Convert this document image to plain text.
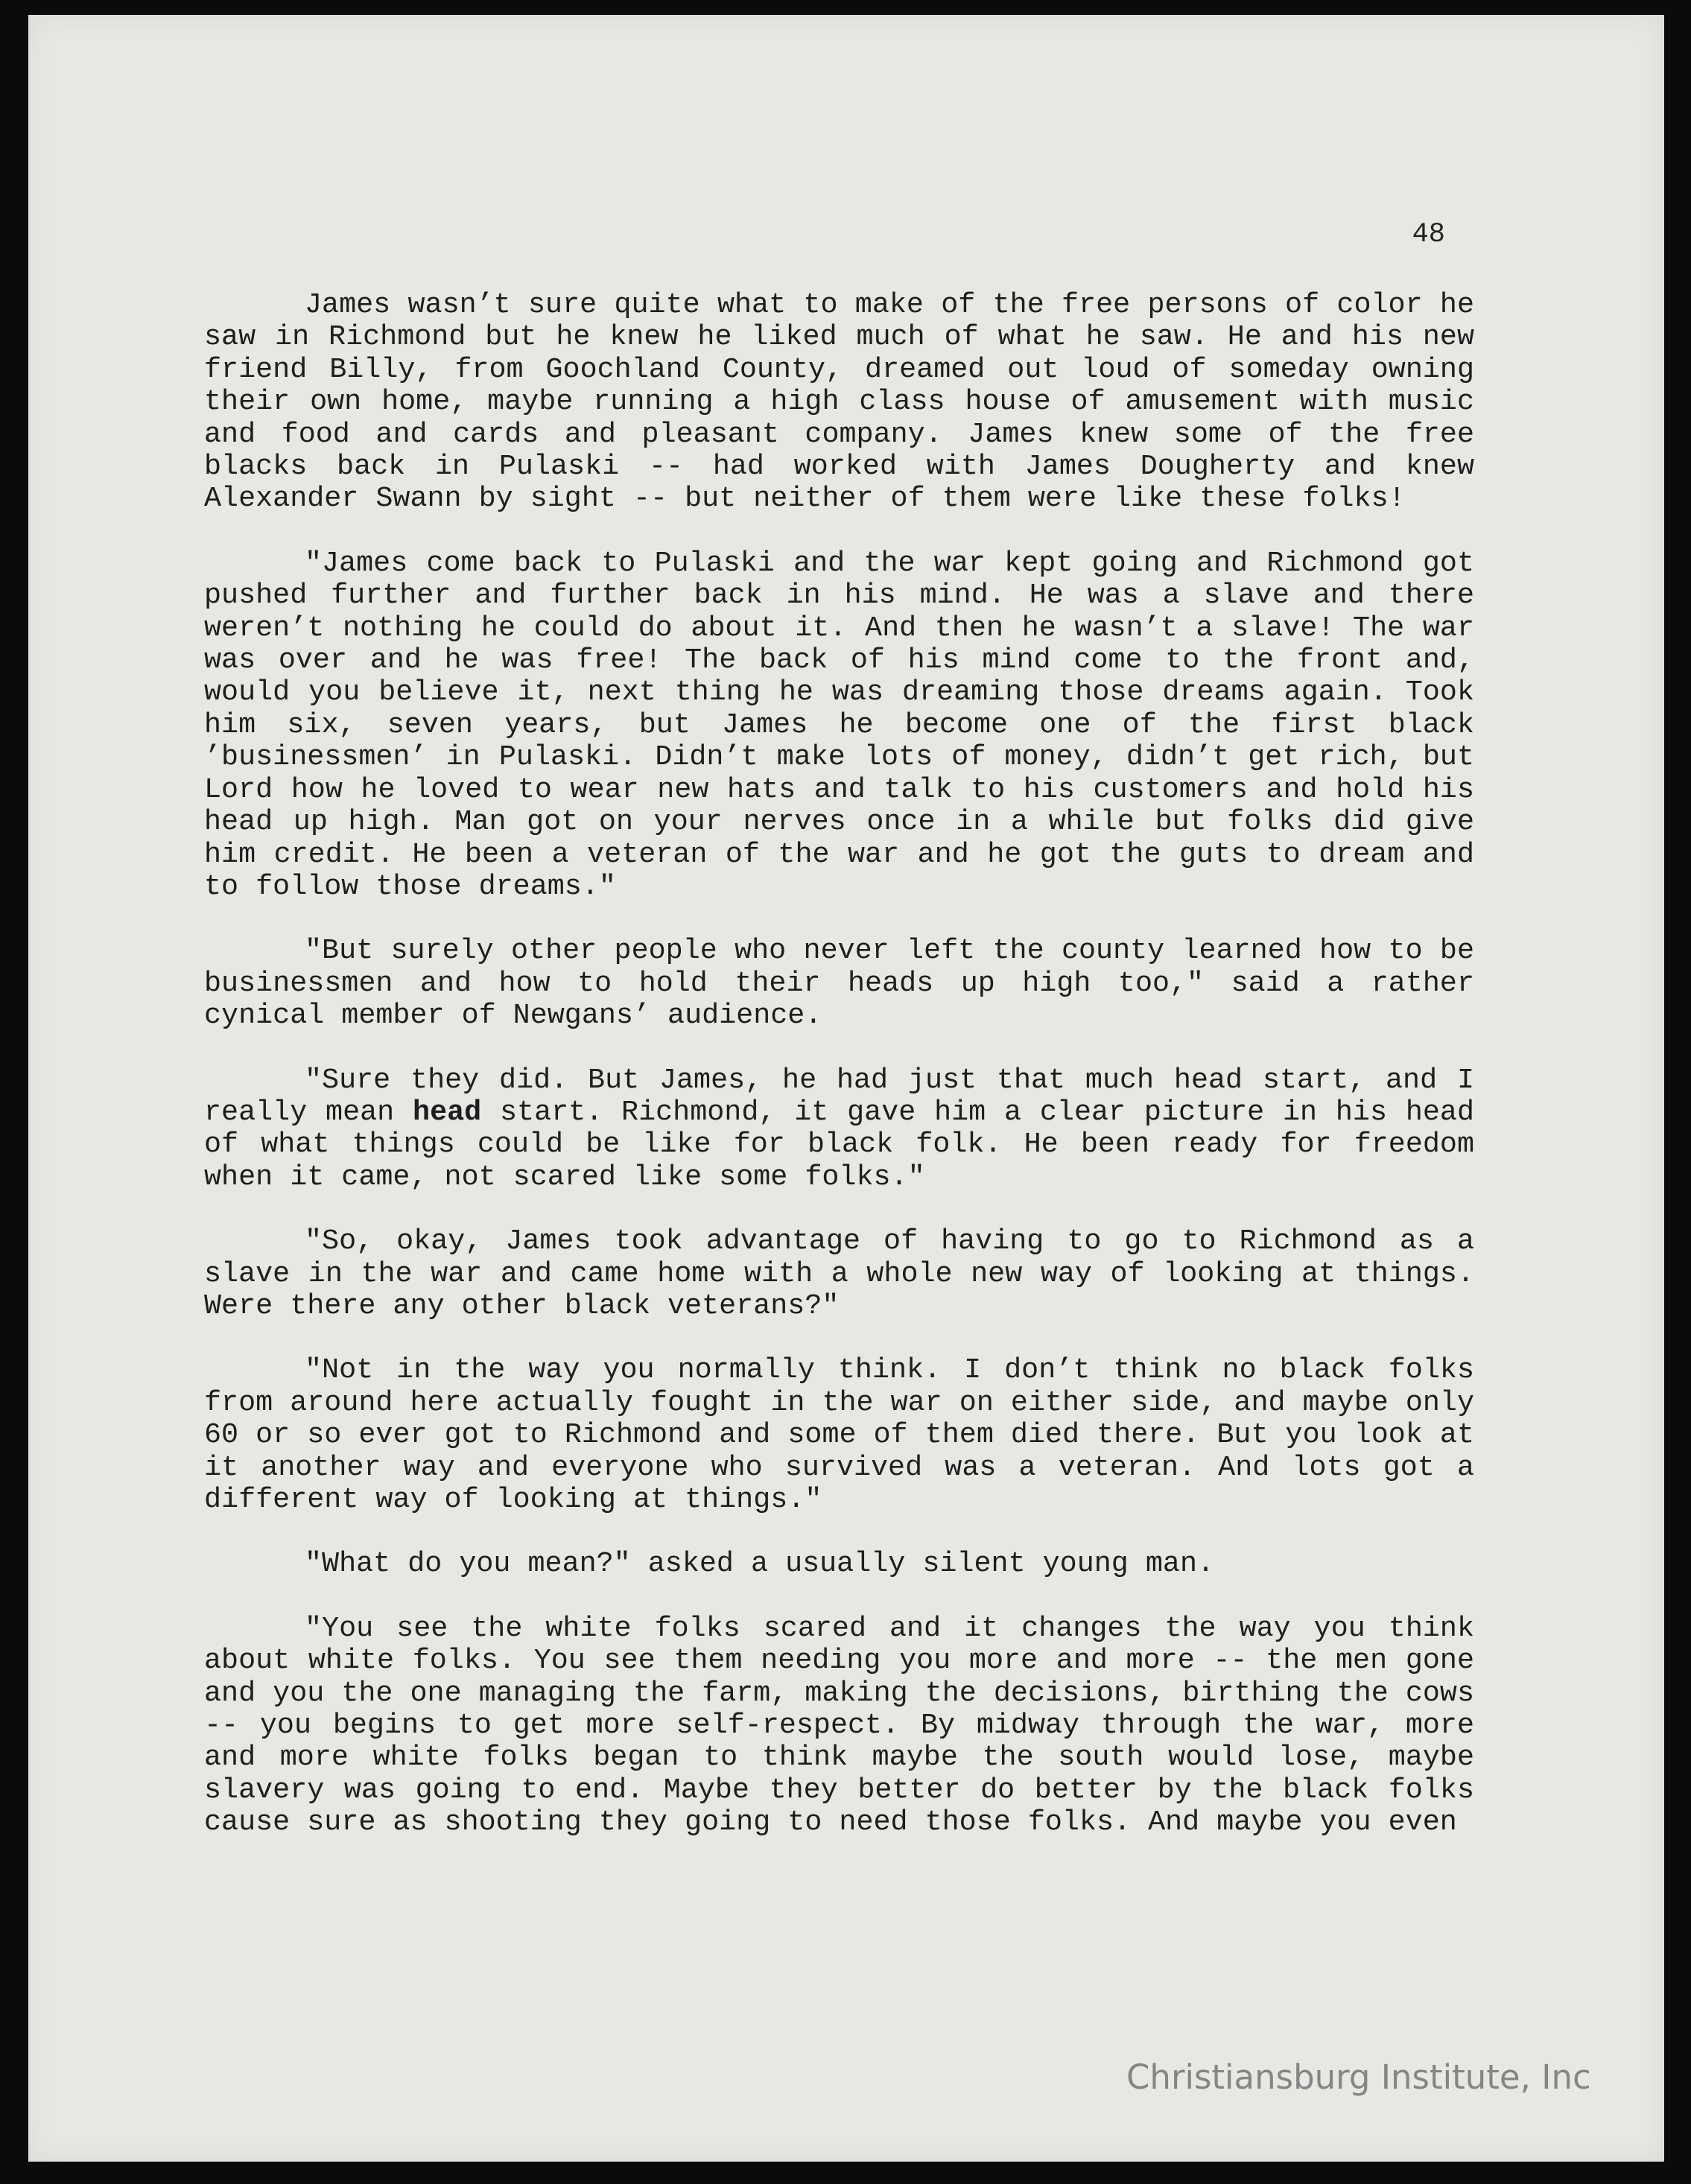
48

James wasn’t sure quite what to make of the free persons of color he saw in Richmond but he knew he liked much of what he saw. He and his new friend Billy, from Goochland County, dreamed out loud of someday owning their own home, maybe running a high class house of amusement with music and food and cards and pleasant company. James knew some of the free blacks back in Pulaski -- had worked with James Dougherty and knew Alexander Swann by sight -- but neither of them were like these folks!

"James come back to Pulaski and the war kept going and Richmond got pushed further and further back in his mind. He was a slave and there weren’t nothing he could do about it. And then he wasn’t a slave! The war was over and he was free! The back of his mind come to the front and, would you believe it, next thing he was dreaming those dreams again. Took him six, seven years, but James he become one of the first black ’businessmen’ in Pulaski. Didn’t make lots of money, didn’t get rich, but Lord how he loved to wear new hats and talk to his customers and hold his head up high. Man got on your nerves once in a while but folks did give him credit. He been a veteran of the war and he got the guts to dream and to follow those dreams."

"But surely other people who never left the county learned how to be businessmen and how to hold their heads up high too," said a rather cynical member of Newgans’ audience.

"Sure they did. But James, he had just that much head start, and I really mean head start. Richmond, it gave him a clear picture in his head of what things could be like for black folk. He been ready for freedom when it came, not scared like some folks."

"So, okay, James took advantage of having to go to Richmond as a slave in the war and came home with a whole new way of looking at things. Were there any other black veterans?"

"Not in the way you normally think. I don’t think no black folks from around here actually fought in the war on either side, and maybe only 60 or so ever got to Richmond and some of them died there. But you look at it another way and everyone who survived was a veteran. And lots got a different way of looking at things."

"What do you mean?" asked a usually silent young man.

"You see the white folks scared and it changes the way you think about white folks. You see them needing you more and more -- the men gone and you the one managing the farm, making the decisions, birthing the cows -- you begins to get more self-respect. By midway through the war, more and more white folks began to think maybe the south would lose, maybe slavery was going to end. Maybe they better do better by the black folks cause sure as shooting they going to need those folks. And maybe you even

Christiansburg Institute, Inc
